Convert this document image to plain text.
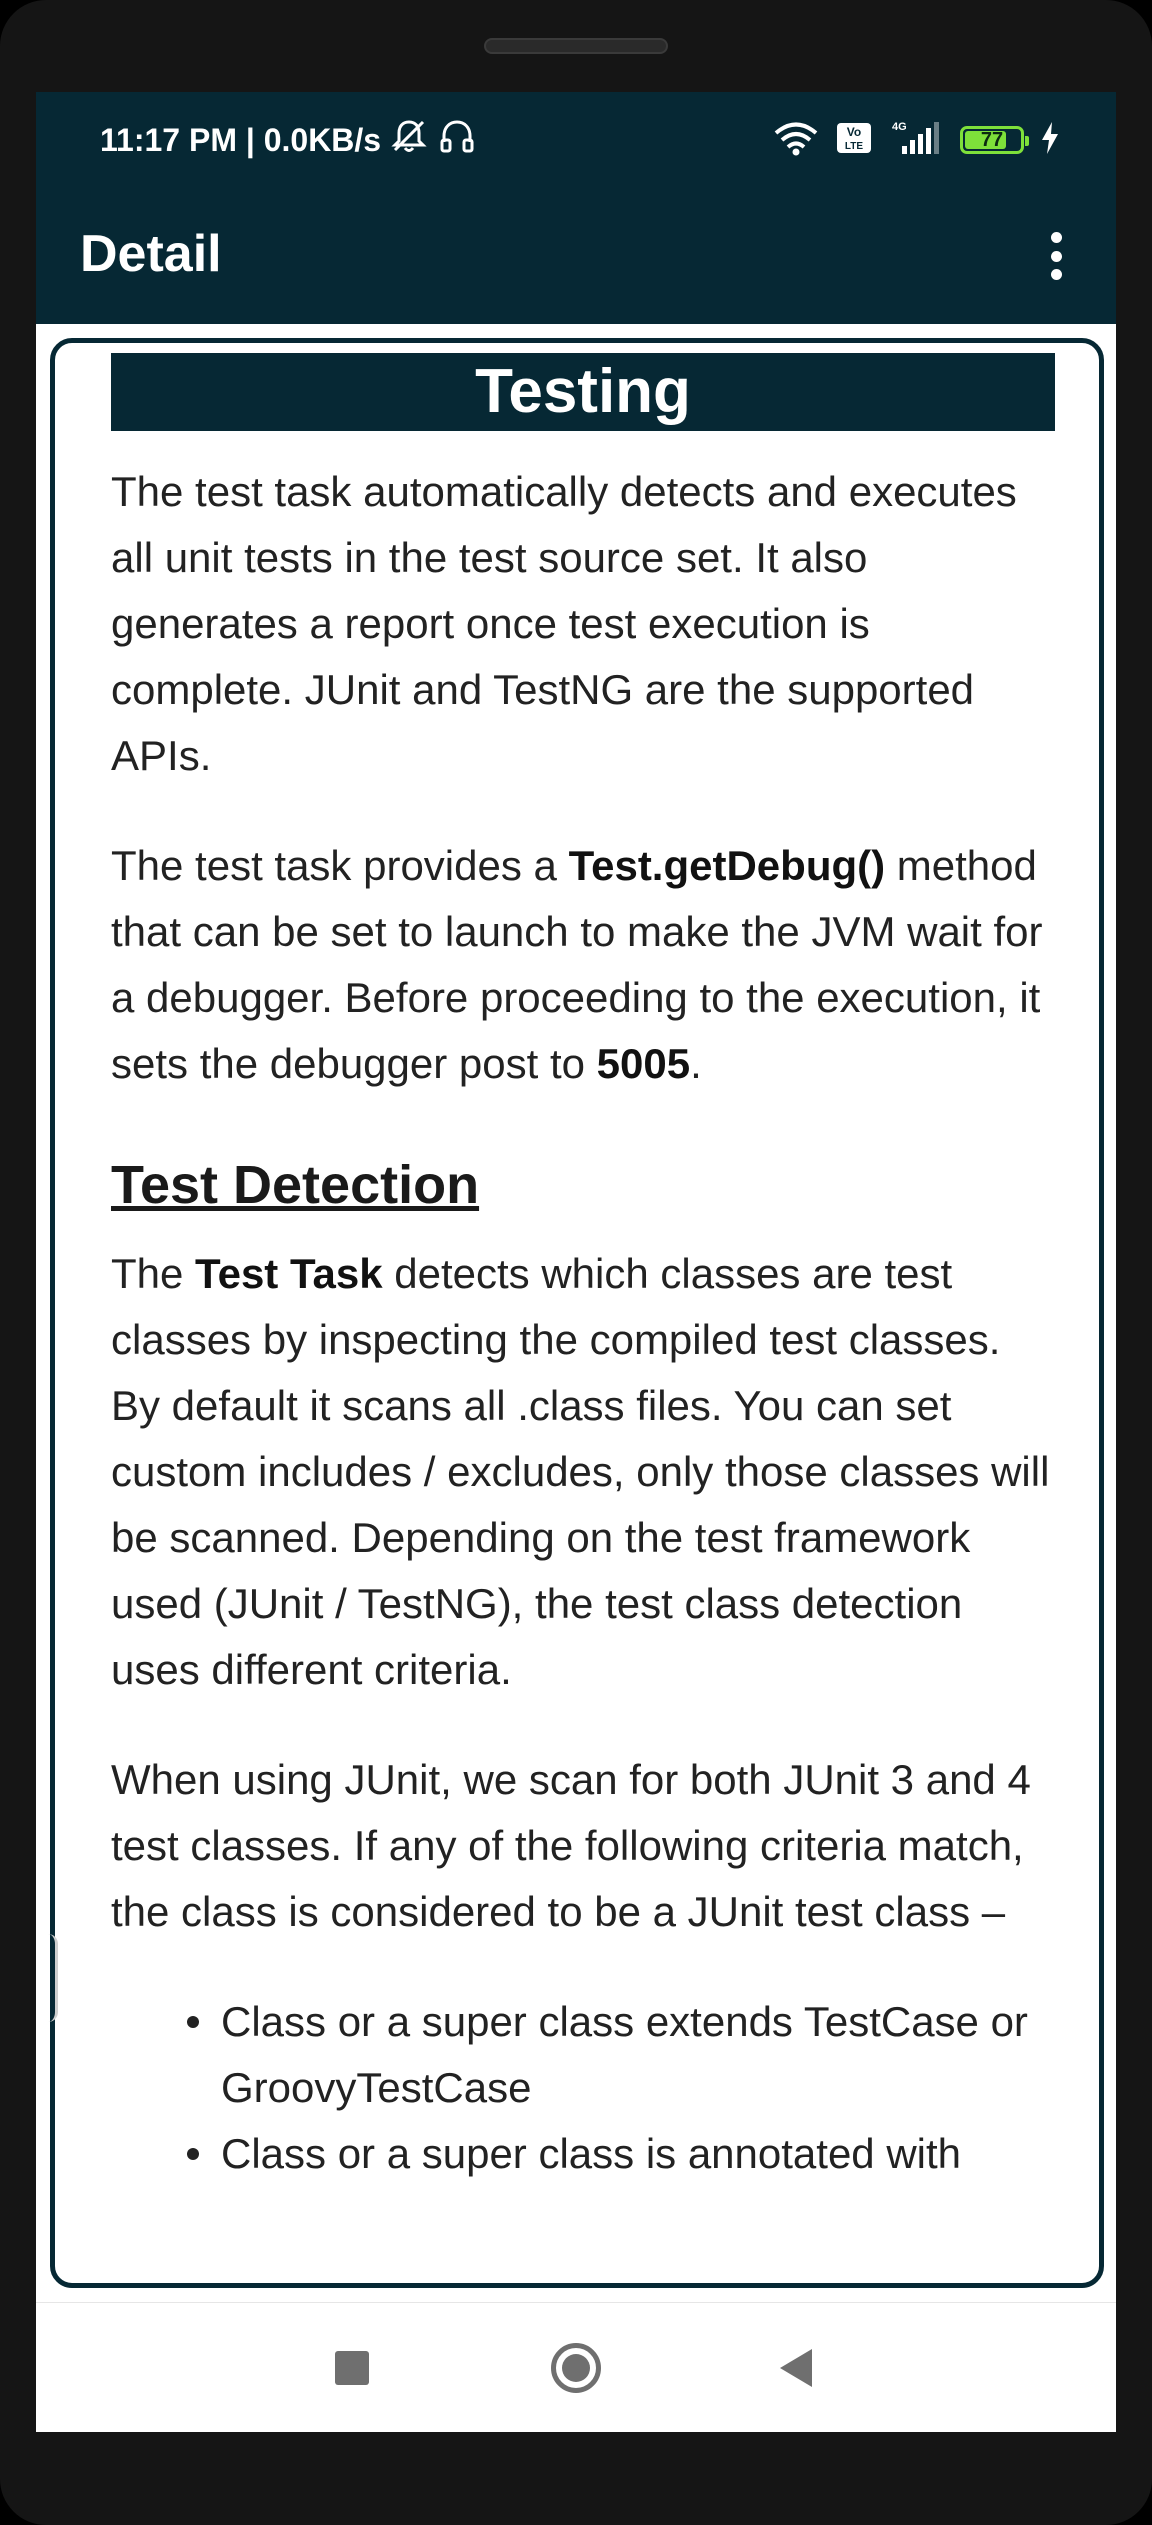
11:17 PM | 0.0KB/s	Vo
LTE
4G
77
Detail
Testing

The test task automatically detects and executes all unit tests in the test source set. It also generates a report once test execution is complete. JUnit and TestNG are the supported APIs.

The test task provides a Test.getDebug() method that can be set to launch to make the JVM wait for a debugger. Before proceeding to the execution, it sets the debugger post to 5005.

Test Detection

The Test Task detects which classes are test classes by inspecting the compiled test classes. By default it scans all .class files. You can set custom includes / excludes, only those classes will be scanned. Depending on the test framework used (JUnit / TestNG), the test class detection uses different criteria.

When using JUnit, we scan for both JUnit 3 and 4 test classes. If any of the following criteria match, the class is considered to be a JUnit test class –

Class or a super class extends TestCase or GroovyTestCase
Class or a super class is annotated with
